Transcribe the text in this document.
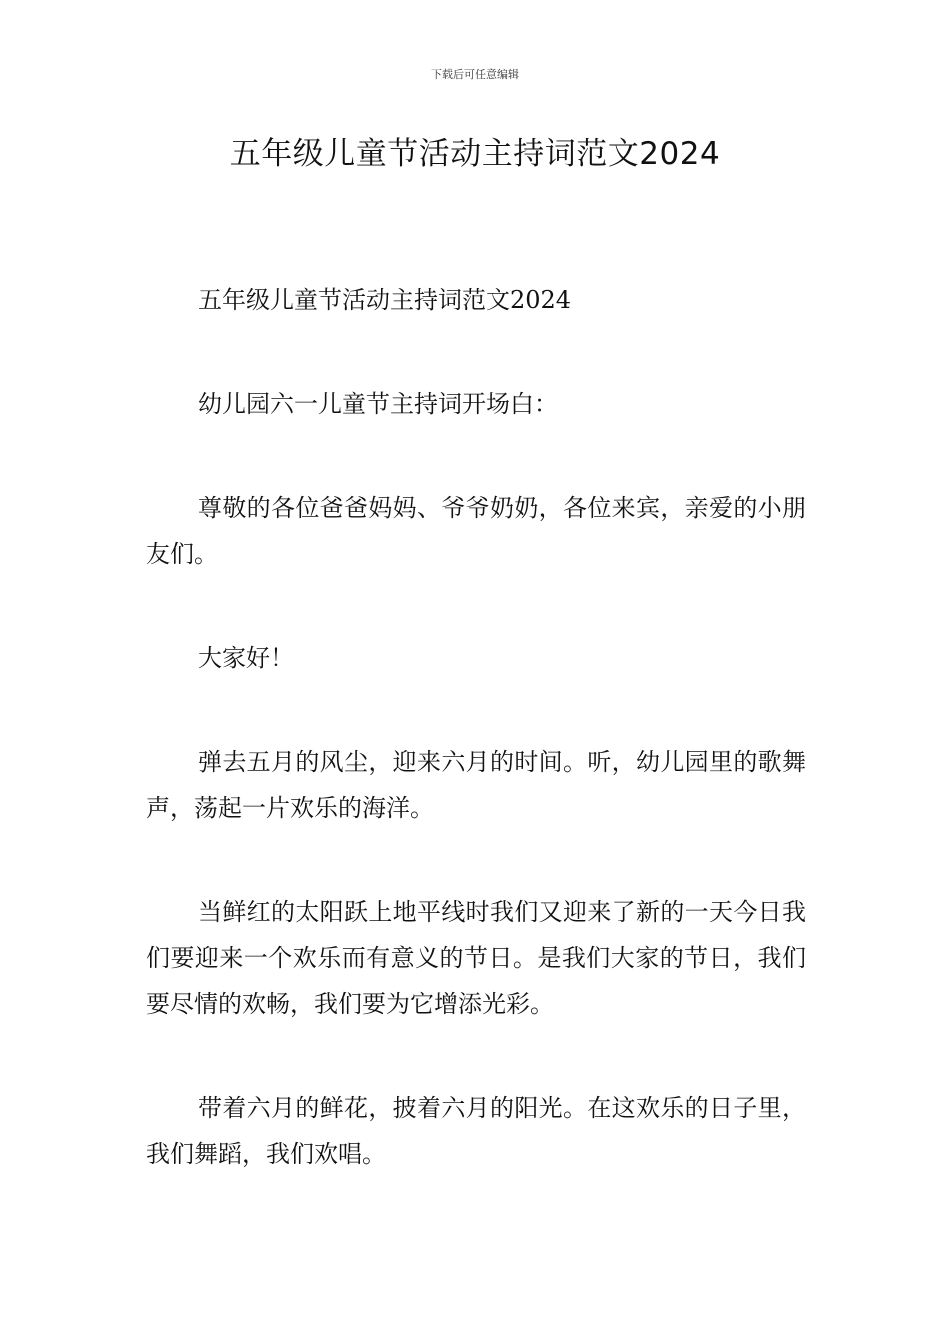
下载后可任意编辑
五年级儿童节活动主持词范文2024

五年级儿童节活动主持词范文2024

幼儿园六一儿童节主持词开场白：

尊敬的各位爸爸妈妈、爷爷奶奶，各位来宾，亲爱的小朋友们。

大家好！

弹去五月的风尘，迎来六月的时间。听，幼儿园里的歌舞声，荡起一片欢乐的海洋。

当鲜红的太阳跃上地平线时我们又迎来了新的一天今日我们要迎来一个欢乐而有意义的节日。是我们大家的节日，我们要尽情的欢畅，我们要为它增添光彩。

带着六月的鲜花，披着六月的阳光。在这欢乐的日子里，我们舞蹈，我们欢唱。
